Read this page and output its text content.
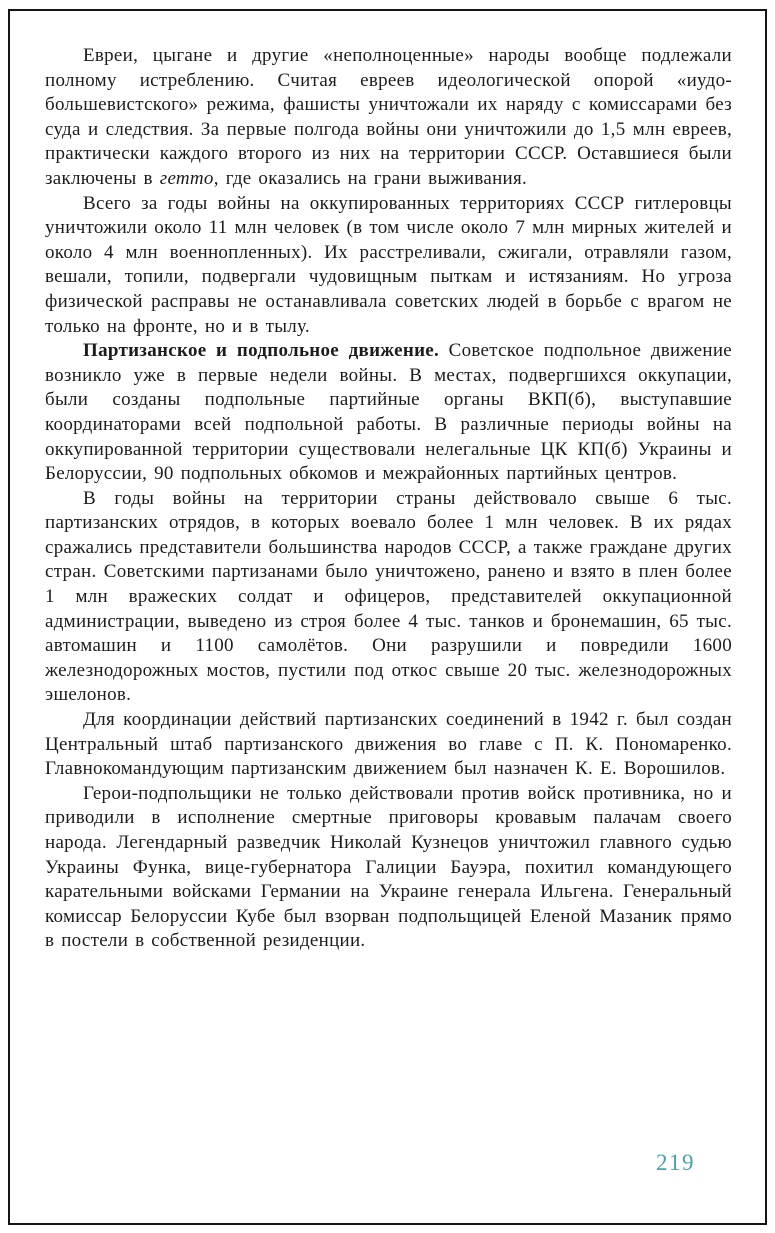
Евреи, цыгане и другие «неполноценные» народы вообще подлежали полному истреблению. Считая евреев идеологической опорой «иудо-большевистского» режима, фашисты уничтожали их наряду с комиссарами без суда и следствия. За первые полгода войны они уничтожили до 1,5 млн евреев, практически каждого второго из них на территории СССР. Оставшиеся были заключены в гетто, где оказались на грани выживания.

Всего за годы войны на оккупированных территориях СССР гитлеровцы уничтожили около 11 млн человек (в том числе около 7 млн мирных жителей и около 4 млн военнопленных). Их расстреливали, сжигали, отравляли газом, вешали, топили, подвергали чудовищным пыткам и истязаниям. Но угроза физической расправы не останавливала советских людей в борьбе с врагом не только на фронте, но и в тылу.

Партизанское и подпольное движение. Советское подпольное движение возникло уже в первые недели войны. В местах, подвергшихся оккупации, были созданы подпольные партийные органы ВКП(б), выступавшие координаторами всей подпольной работы. В различные периоды войны на оккупированной территории существовали нелегальные ЦК КП(б) Украины и Белоруссии, 90 подпольных обкомов и межрайонных партийных центров.

В годы войны на территории страны действовало свыше 6 тыс. партизанских отрядов, в которых воевало более 1 млн человек. В их рядах сражались представители большинства народов СССР, а также граждане других стран. Советскими партизанами было уничтожено, ранено и взято в плен более 1 млн вражеских солдат и офицеров, представителей оккупационной администрации, выведено из строя более 4 тыс. танков и бронемашин, 65 тыс. автомашин и 1100 самолётов. Они разрушили и повредили 1600 железнодорожных мостов, пустили под откос свыше 20 тыс. железнодорожных эшелонов.

Для координации действий партизанских соединений в 1942 г. был создан Центральный штаб партизанского движения во главе с П. К. Пономаренко. Главнокомандующим партизанским движением был назначен К. Е. Ворошилов.

Герои-подпольщики не только действовали против войск противника, но и приводили в исполнение смертные приговоры кровавым палачам своего народа. Легендарный разведчик Николай Кузнецов уничтожил главного судью Украины Функа, вице-губернатора Галиции Бауэра, похитил командующего карательными войсками Германии на Украине генерала Ильгена. Генеральный комиссар Белоруссии Кубе был взорван подпольщицей Еленой Мазаник прямо в постели в собственной резиденции.

219
